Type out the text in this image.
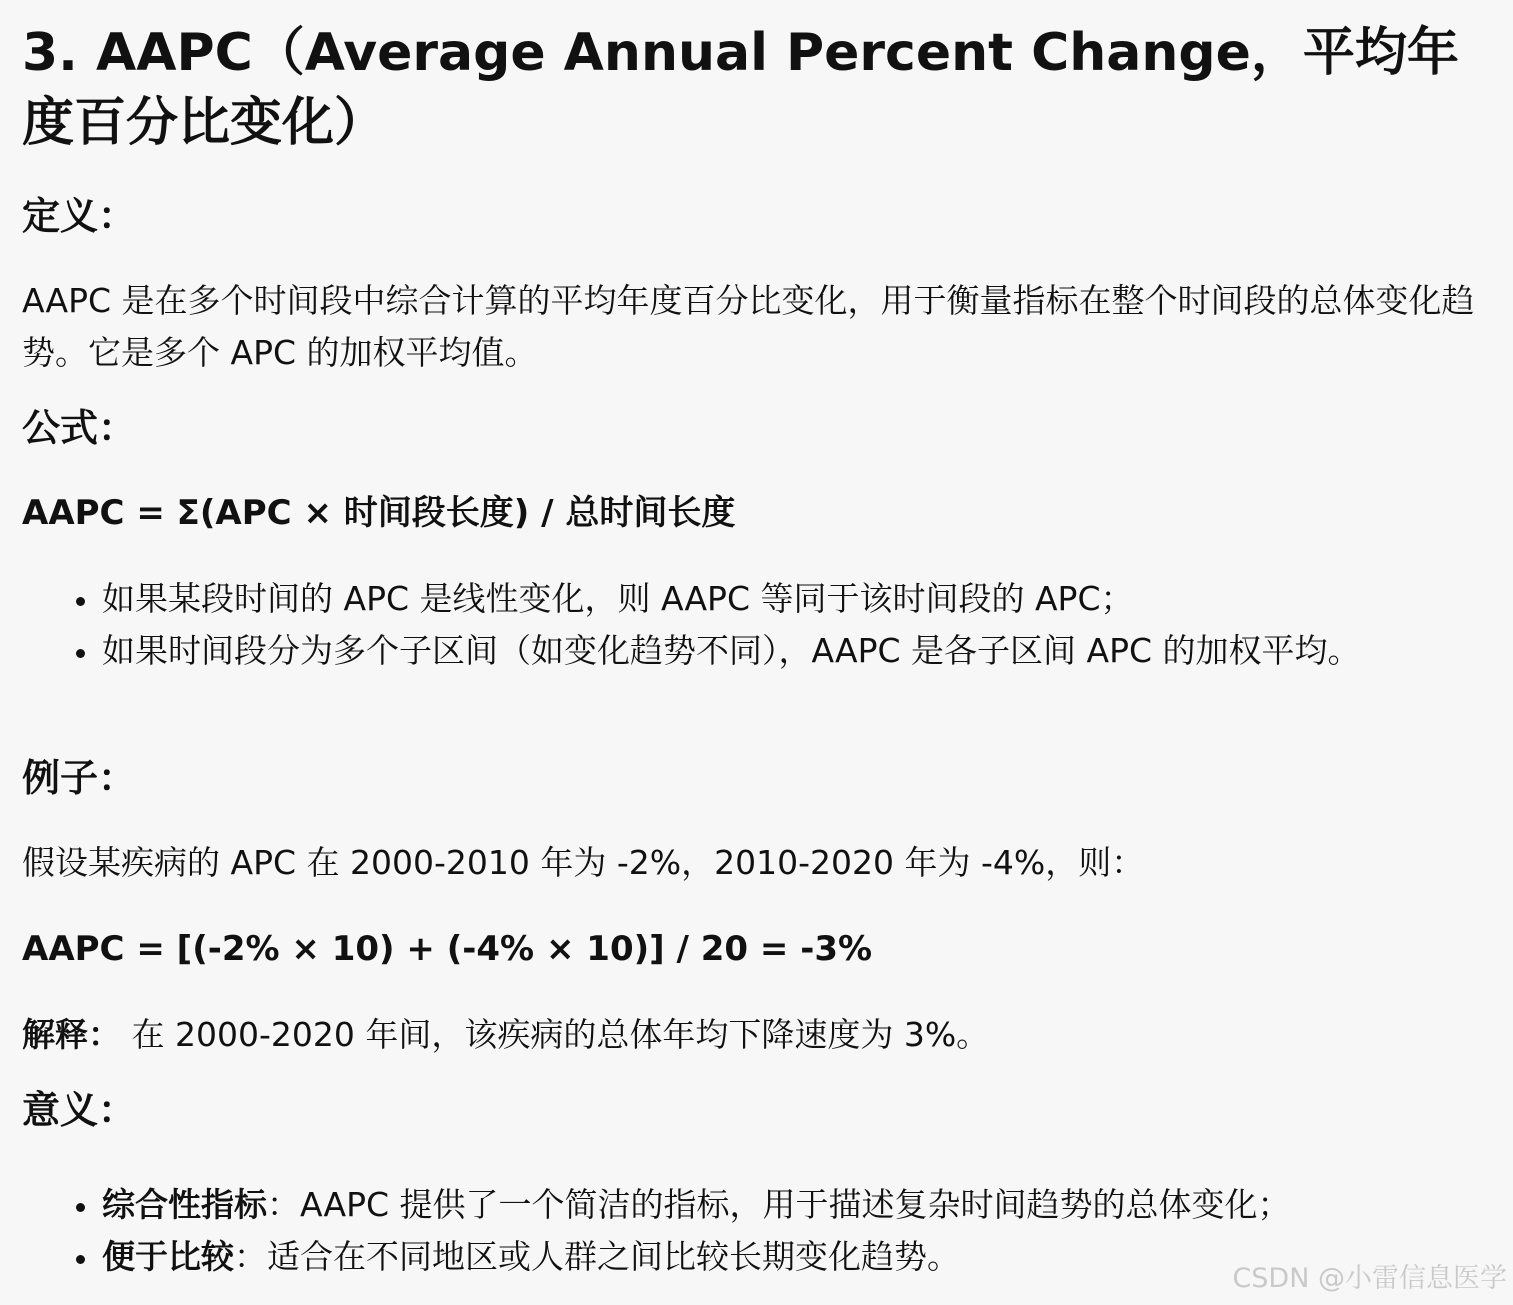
3. AAPC（Average Annual Percent Change，平均年度百分比变化）
定义：

AAPC 是在多个时间段中综合计算的平均年度百分比变化，用于衡量指标在整个时间段的总体变化趋势。它是多个 APC 的加权平均值。

公式：

AAPC = Σ(APC × 时间段长度) / 总时间长度

• 如果某段时间的 APC 是线性变化，则 AAPC 等同于该时间段的 APC；
• 如果时间段分为多个子区间（如变化趋势不同），AAPC 是各子区间 APC 的加权平均。
例子：

假设某疾病的 APC 在 2000-2010 年为 -2%，2010-2020 年为 -4%，则：

AAPC = [(-2% × 10) + (-4% × 10)] / 20 = -3%

解释： 在 2000-2020 年间，该疾病的总体年均下降速度为 3%。

意义：
• 综合性指标：AAPC 提供了一个简洁的指标，用于描述复杂时间趋势的总体变化；
• 便于比较：适合在不同地区或人群之间比较长期变化趋势。
CSDN @小雷信息医学
